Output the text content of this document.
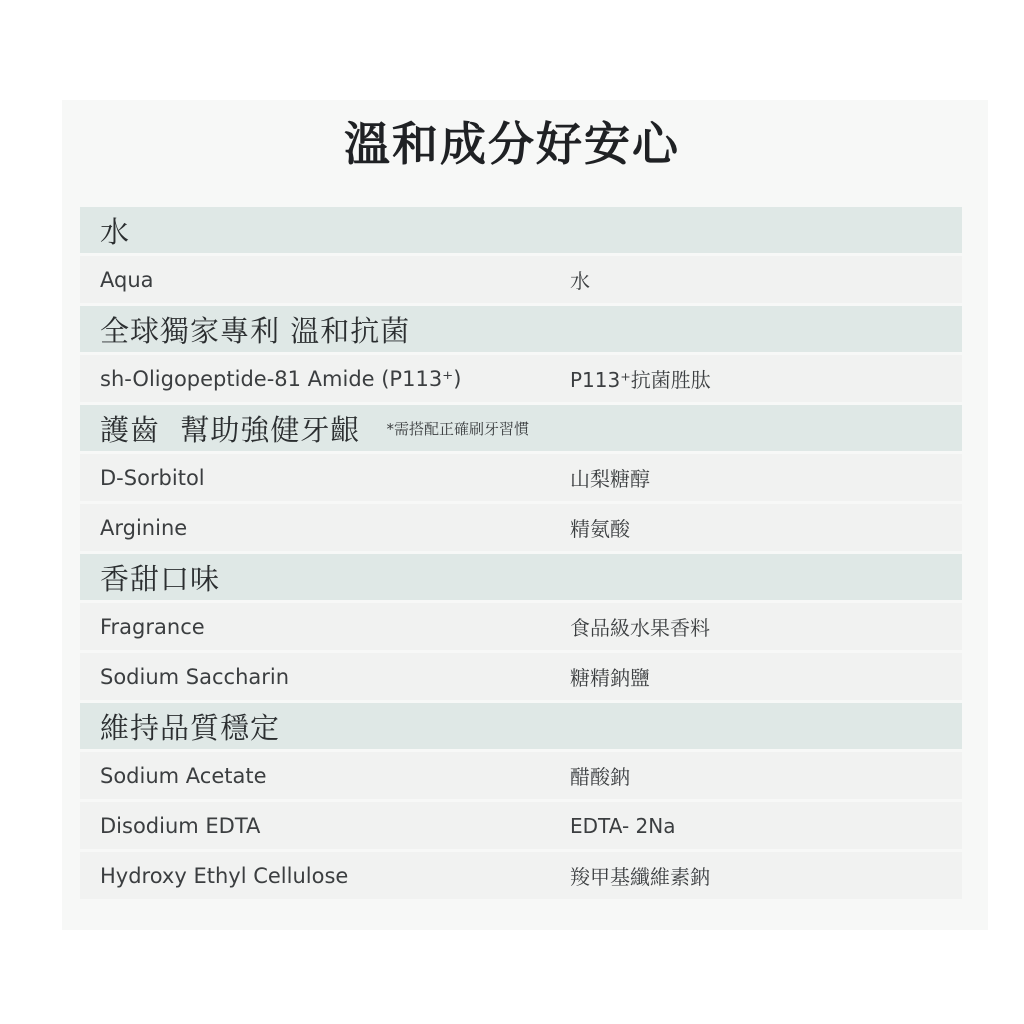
溫和成分好安心
水
Aqua	水
全球獨家專利 溫和抗菌
sh-Oligopeptide-81 Amide (P113⁺)	P113⁺抗菌胜肽
護齒  幫助強健牙齦 *需搭配正確刷牙習慣
D-Sorbitol	山梨糖醇
Arginine	精氨酸
香甜口味
Fragrance	食品級水果香料
Sodium Saccharin	糖精鈉鹽
維持品質穩定
Sodium Acetate	醋酸鈉
Disodium EDTA	EDTA- 2Na
Hydroxy Ethyl Cellulose	羧甲基纖維素鈉
